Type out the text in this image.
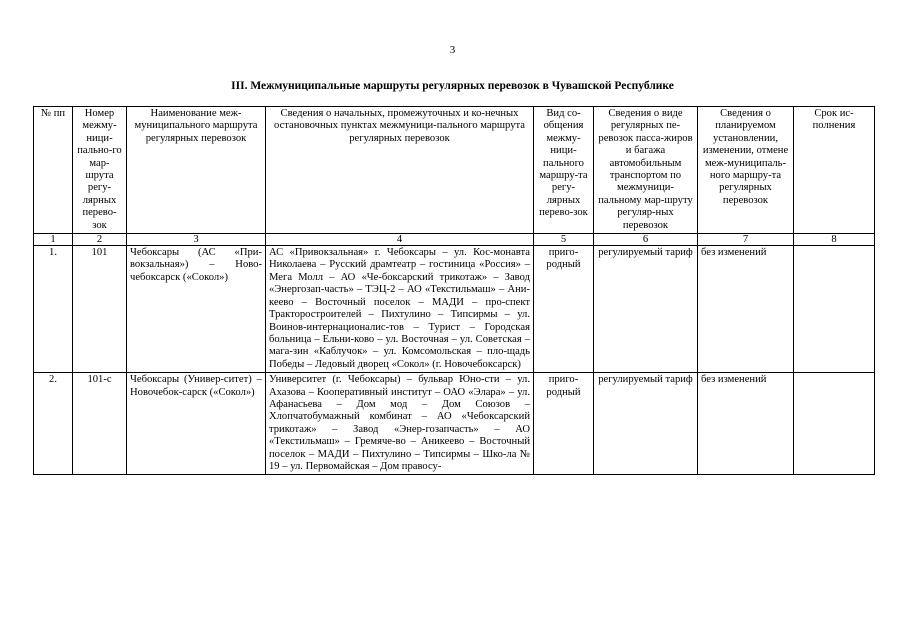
3
III. Межмуниципальные маршруты регулярных перевозок в Чувашской Республике
№ пп	Номер межму-ници-пально-го мар-шрута регу-лярных перево-зок	Наименование меж-муниципального маршрута регулярных перевозок	Сведения о начальных, промежуточных и ко-нечных остановочных пунктах межмуници-пального маршрута регулярных перевозок	Вид со-общения межму-ници-пального маршру-та регу-лярных перево-зок	Сведения о виде регулярных пе-ревозок пасса-жиров и багажа автомобильным транспортом по межмуници-пальному мар-шруту регуляр-ных перевозок	Сведения о планируемом установлении, изменении, отмене меж-муниципаль-ного маршру-та регулярных перевозок	Срок ис-полнения
1	2	3	4	5	6	7	8
1.	101	Чебоксары (АС «При-вокзальная») – Ново-чебоксарск («Сокол»)	АС «Привокзальная» г. Чебоксары – ул. Кос-монавта Николаева – Русский драмтеатр – гостиница «Россия» – Мега Молл – АО «Че-боксарский трикотаж» – Завод «Энергозап-часть» – ТЭЦ-2 – АО «Текстильмаш» – Ани-кеево – Восточный поселок – МАДИ – про-спект Тракторостроителей – Пихтулино – Типсирмы – ул. Воинов-интернационалис-тов – Турист – Городская больница – Ельни-ково – ул. Восточная – ул. Советская – мага-зин «Каблучок» – ул. Комсомольская – пло-щадь Победы – Ледовый дворец «Сокол» (г. Новочебоксарск)	приго-родный	регулируемый тариф	без изменений	
2.	101-с	Чебоксары (Универ-ситет) – Новочебок-сарск («Сокол»)	Университет (г. Чебоксары) – бульвар Юно-сти – ул. Ахазова – Кооперативный институт – ОАО «Элара» – ул. Афанасьева – Дом мод – Дом Союзов – Хлопчатобумажный комбинат – АО «Чебоксарский трикотаж» – Завод «Энер-гозапчасть» – АО «Текстильмаш» – Гремяче-во – Аникеево – Восточный поселок – МАДИ – Пихтулино – Типсирмы – Шко-ла № 19 – ул. Первомайская – Дом правосу-	приго-родный	регулируемый тариф	без изменений	
